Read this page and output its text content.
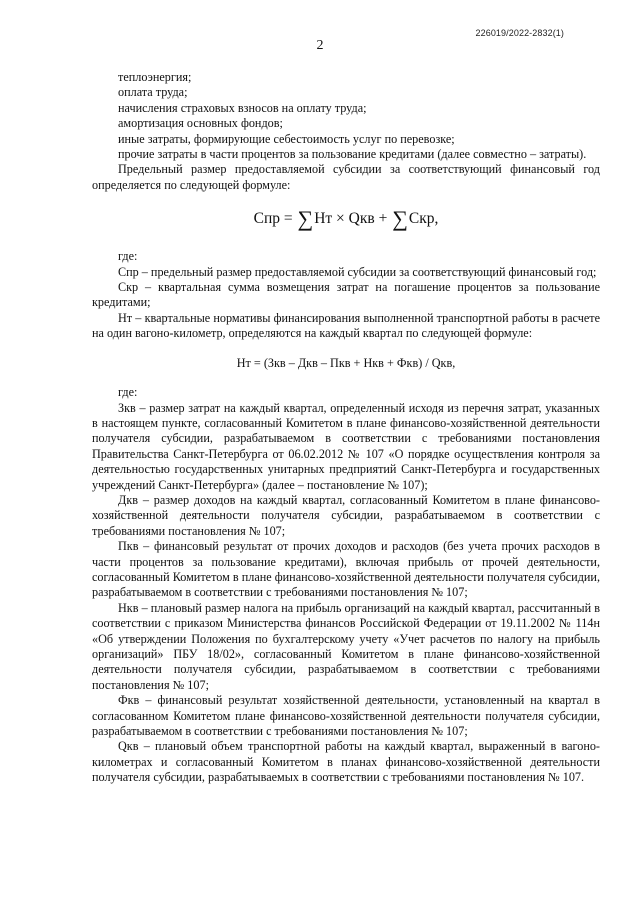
226019/2022-2832(1)
2

теплоэнергия;

оплата труда;

начисления страховых взносов на оплату труда;

амортизация основных фондов;

иные затраты, формирующие себестоимость услуг по перевозке;

прочие затраты в части процентов за пользование кредитами (далее совместно – затраты).

Предельный размер предоставляемой субсидии за соответствующий финансовый год определяется по следующей формуле:

Спр = ∑Нт × Qкв + ∑Скр,

где:

Спр – предельный размер предоставляемой субсидии за соответствующий финансовый год;

Скр – квартальная сумма возмещения затрат на погашение процентов за пользование кредитами;

Нт – квартальные нормативы финансирования выполненной транспортной работы в расчете на один вагоно-километр, определяются на каждый квартал по следующей формуле:

Нт = (Зкв – Дкв – Пкв + Нкв + Фкв) / Qкв,

где:

Зкв – размер затрат на каждый квартал, определенный исходя из перечня затрат, указанных в настоящем пункте, согласованный Комитетом в плане финансово-хозяйственной деятельности получателя субсидии, разрабатываемом в соответствии с требованиями постановления Правительства Санкт-Петербурга от 06.02.2012 № 107 «О порядке осуществления контроля за деятельностью государственных унитарных предприятий Санкт-Петербурга и государственных учреждений Санкт-Петербурга» (далее – постановление № 107);

Дкв – размер доходов на каждый квартал, согласованный Комитетом в плане финансово-хозяйственной деятельности получателя субсидии, разрабатываемом в соответствии с требованиями постановления № 107;

Пкв – финансовый результат от прочих доходов и расходов (без учета прочих расходов в части процентов за пользование кредитами), включая прибыль от прочей деятельности, согласованный Комитетом в плане финансово-хозяйственной деятельности получателя субсидии, разрабатываемом в соответствии с требованиями постановления № 107;

Нкв – плановый размер налога на прибыль организаций на каждый квартал, рассчитанный в соответствии с приказом Министерства финансов Российской Федерации от 19.11.2002 № 114н «Об утверждении Положения по бухгалтерскому учету «Учет расчетов по налогу на прибыль организаций» ПБУ 18/02», согласованный Комитетом в плане финансово-хозяйственной деятельности получателя субсидии, разрабатываемом в соответствии с требованиями постановления № 107;

Фкв – финансовый результат хозяйственной деятельности, установленный на квартал в согласованном Комитетом плане финансово-хозяйственной деятельности получателя субсидии, разрабатываемом в соответствии с требованиями постановления № 107;

Qкв – плановый объем транспортной работы на каждый квартал, выраженный в вагоно-километрах и согласованный Комитетом в планах финансово-хозяйственной деятельности получателя субсидии, разрабатываемых в соответствии с требованиями постановления № 107.
